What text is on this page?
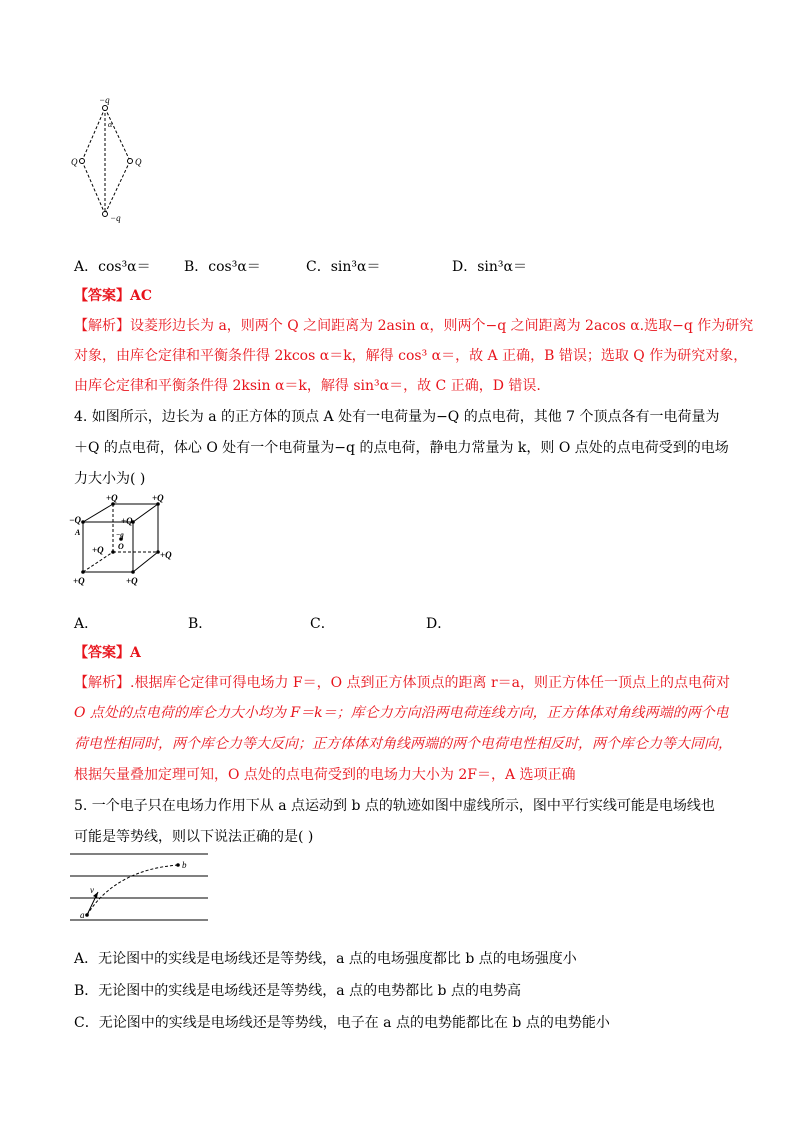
−q
α
Q	Q
−q
A．cos³α＝ B．cos³α＝	C．sin³α＝	D．sin³α＝
【答案】AC
【解析】设菱形边长为 a，则两个 Q 之间距离为 2asin α，则两个−q 之间距离为 2acos α.选取−q 作为研究
对象，由库仑定律和平衡条件得 2kcos α＝k，解得 cos³ α＝，故 A 正确，B 错误；选取 Q 作为研究对象，
由库仑定律和平衡条件得 2ksin α＝k，解得 sin³α＝，故 C 正确，D 错误.
4. 如图所示，边长为 a 的正方体的顶点 A 处有一电荷量为−Q 的点电荷，其他 7 个顶点各有一电荷量为
＋Q 的点电荷，体心 O 处有一个电荷量为−q 的点电荷，静电力常量为 k，则 O 点处的点电荷受到的电场
力大小为( )
+Q	+Q
−Q
A
+Q
−q
O
+Q	+Q
+Q	+Q
A．	B．	C．	D．
【答案】A
【解析】.根据库仑定律可得电场力 F＝，O 点到正方体顶点的距离 r＝a，则正方体任一顶点上的点电荷对
O 点处的点电荷的库仑力大小均为 F＝k＝；库仑力方向沿两电荷连线方向，正方体体对角线两端的两个电
荷电性相同时，两个库仑力等大反向；正方体体对角线两端的两个电荷电性相反时，两个库仑力等大同向，
根据矢量叠加定理可知，O 点处的点电荷受到的电场力大小为 2F＝，A 选项正确
5. 一个电子只在电场力作用下从 a 点运动到 b 点的轨迹如图中虚线所示，图中平行实线可能是电场线也
可能是等势线，则以下说法正确的是( )
a
v
b
A．无论图中的实线是电场线还是等势线，a 点的电场强度都比 b 点的电场强度小
B．无论图中的实线是电场线还是等势线，a 点的电势都比 b 点的电势高
C．无论图中的实线是电场线还是等势线，电子在 a 点的电势能都比在 b 点的电势能小
